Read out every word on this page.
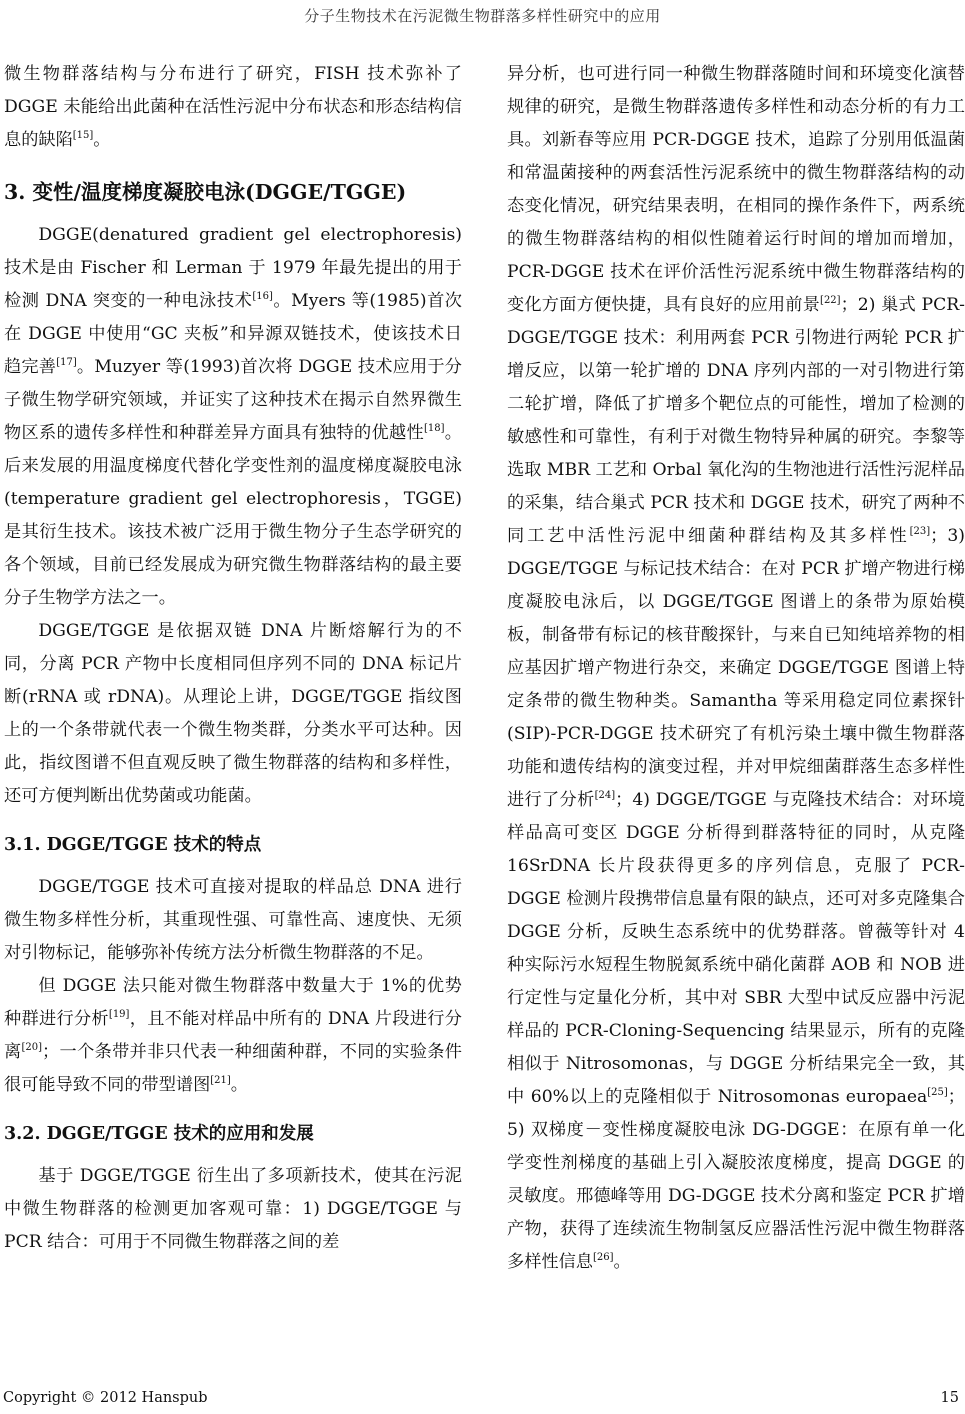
分子生物技术在污泥微生物群落多样性研究中的应用

微生物群落结构与分布进行了研究，FISH 技术弥补了DGGE 未能给出此菌种在活性污泥中分布状态和形态结构信息的缺陷[15]。

3. 变性/温度梯度凝胶电泳(DGGE/TGGE)

DGGE(denatured gradient gel electrophoresis)技术是由 Fischer 和 Lerman 于 1979 年最先提出的用于检测 DNA 突变的一种电泳技术[16]。Myers 等(1985)首次在 DGGE 中使用“GC 夹板”和异源双链技术，使该技术日趋完善[17]。Muzyer 等(1993)首次将 DGGE 技术应用于分子微生物学研究领域，并证实了这种技术在揭示自然界微生物区系的遗传多样性和种群差异方面具有独特的优越性[18]。后来发展的用温度梯度代替化学变性剂的温度梯度凝胶电泳(temperature gradient gel electrophoresis，TGGE)是其衍生技术。该技术被广泛用于微生物分子生态学研究的各个领域，目前已经发展成为研究微生物群落结构的最主要分子生物学方法之一。

DGGE/TGGE 是依据双链 DNA 片断熔解行为的不同，分离 PCR 产物中长度相同但序列不同的 DNA 标记片断(rRNA 或 rDNA)。从理论上讲，DGGE/TGGE 指纹图上的一个条带就代表一个微生物类群，分类水平可达种。因此，指纹图谱不但直观反映了微生物群落的结构和多样性，还可方便判断出优势菌或功能菌。

3.1. DGGE/TGGE 技术的特点

DGGE/TGGE 技术可直接对提取的样品总 DNA 进行微生物多样性分析，其重现性强、可靠性高、速度快、无须对引物标记，能够弥补传统方法分析微生物群落的不足。

但 DGGE 法只能对微生物群落中数量大于 1%的优势种群进行分析[19]，且不能对样品中所有的 DNA 片段进行分离[20]；一个条带并非只代表一种细菌种群，不同的实验条件很可能导致不同的带型谱图[21]。

3.2. DGGE/TGGE 技术的应用和发展

基于 DGGE/TGGE 衍生出了多项新技术，使其在污泥中微生物群落的检测更加客观可靠：1) DGGE/TGGE 与 PCR 结合：可用于不同微生物群落之间的差

异分析，也可进行同一种微生物群落随时间和环境变化演替规律的研究，是微生物群落遗传多样性和动态分析的有力工具。刘新春等应用 PCR-DGGE 技术，追踪了分别用低温菌和常温菌接种的两套活性污泥系统中的微生物群落结构的动态变化情况，研究结果表明，在相同的操作条件下，两系统的微生物群落结构的相似性随着运行时间的增加而增加，PCR-DGGE 技术在评价活性污泥系统中微生物群落结构的变化方面方便快捷，具有良好的应用前景[22]；2) 巢式 PCR-DGGE/TGGE 技术：利用两套 PCR 引物进行两轮 PCR 扩增反应，以第一轮扩增的 DNA 序列内部的一对引物进行第二轮扩增，降低了扩增多个靶位点的可能性，增加了检测的敏感性和可靠性，有利于对微生物特异种属的研究。李黎等选取 MBR 工艺和 Orbal 氧化沟的生物池进行活性污泥样品的采集，结合巢式 PCR 技术和 DGGE 技术，研究了两种不同工艺中活性污泥中细菌种群结构及其多样性[23]；3) DGGE/TGGE 与标记技术结合：在对 PCR 扩增产物进行梯度凝胶电泳后，以 DGGE/TGGE 图谱上的条带为原始模板，制备带有标记的核苷酸探针，与来自已知纯培养物的相应基因扩增产物进行杂交，来确定 DGGE/TGGE 图谱上特定条带的微生物种类。Samantha 等采用稳定同位素探针(SIP)-PCR-DGGE 技术研究了有机污染土壤中微生物群落功能和遗传结构的演变过程，并对甲烷细菌群落生态多样性进行了分析[24]；4) DGGE/TGGE 与克隆技术结合：对环境样品高可变区 DGGE 分析得到群落特征的同时，从克隆 16SrDNA 长片段获得更多的序列信息，克服了 PCR-DGGE 检测片段携带信息量有限的缺点，还可对多克隆集合 DGGE 分析，反映生态系统中的优势群落。曾薇等针对 4 种实际污水短程生物脱氮系统中硝化菌群 AOB 和 NOB 进行定性与定量化分析，其中对 SBR 大型中试反应器中污泥样品的 PCR-Cloning-Sequencing 结果显示，所有的克隆相似于 Nitrosomonas，与 DGGE 分析结果完全一致，其中 60%以上的克隆相似于 Nitrosomonas europaea[25]；5) 双梯度－变性梯度凝胶电泳 DG-DGGE：在原有单一化学变性剂梯度的基础上引入凝胶浓度梯度，提高 DGGE 的灵敏度。邢德峰等用 DG-DGGE 技术分离和鉴定 PCR 扩增产物，获得了连续流生物制氢反应器活性污泥中微生物群落多样性信息[26]。

Copyright © 2012 Hanspub	15
